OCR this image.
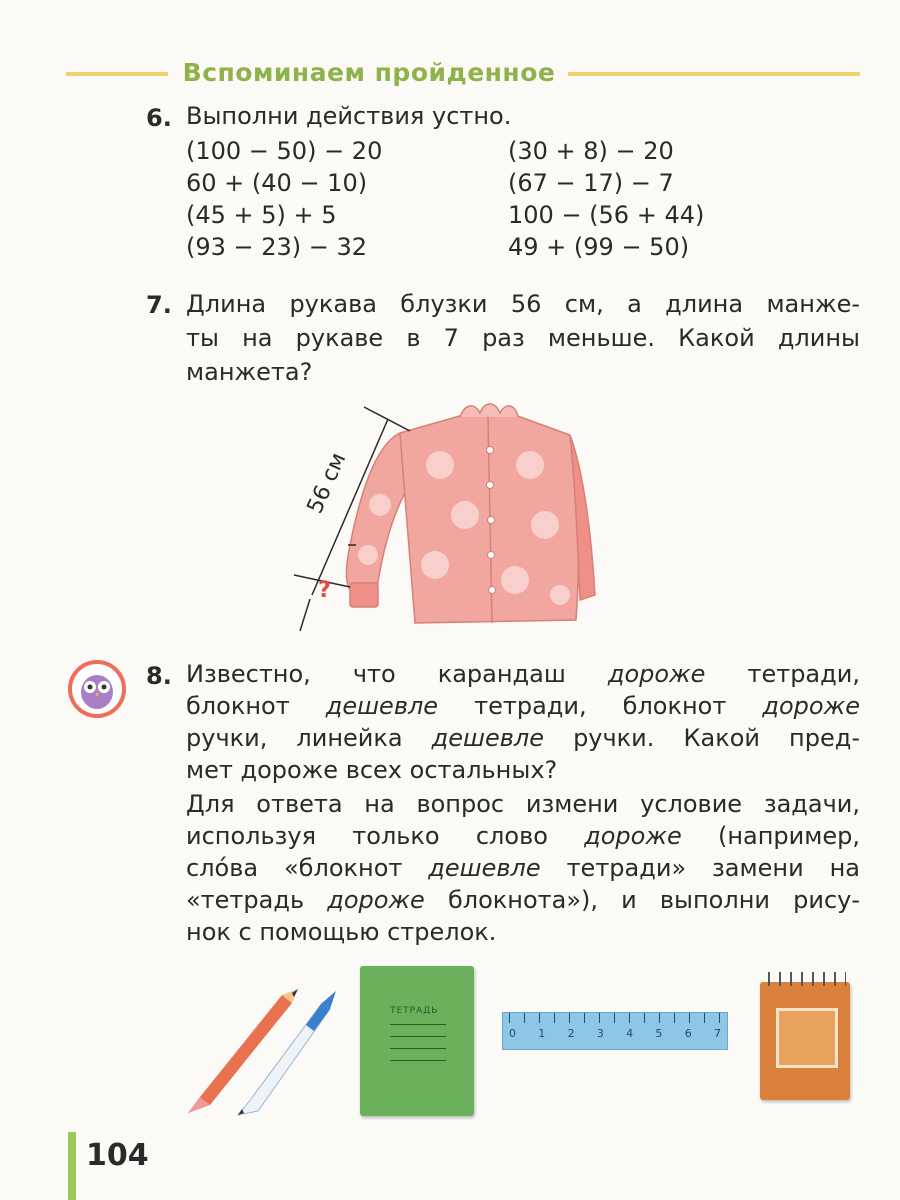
Вспоминаем пройденное
6. Выполни действия устно.
(100 − 50) − 20
60 + (40 − 10)
(45 + 5) + 5
(93 − 23) − 32
(30 + 8) − 20
(67 − 17) − 7
100 − (56 + 44)
49 + (99 − 50)
7. Длина рукава блузки 56 см, а длина манже-
ты на рукаве в 7 раз меньше. Какой длины
манжета?
56 см
?
8. Известно, что карандаш дороже тетради,
блокнот дешевле тетради, блокнот дороже
ручки, линейка дешевле ручки. Какой пред-
мет дороже всех остальных?
Для ответа на вопрос измени условие задачи,
используя только слово дороже (например,
сло́ва «блокнот дешевле тетради» замени на
«тетрадь дороже блокнота»), и выполни рису-
нок с помощью стрелок.
ТЕТРАДЬ
0 1 2 3 4 5 6 7
104
